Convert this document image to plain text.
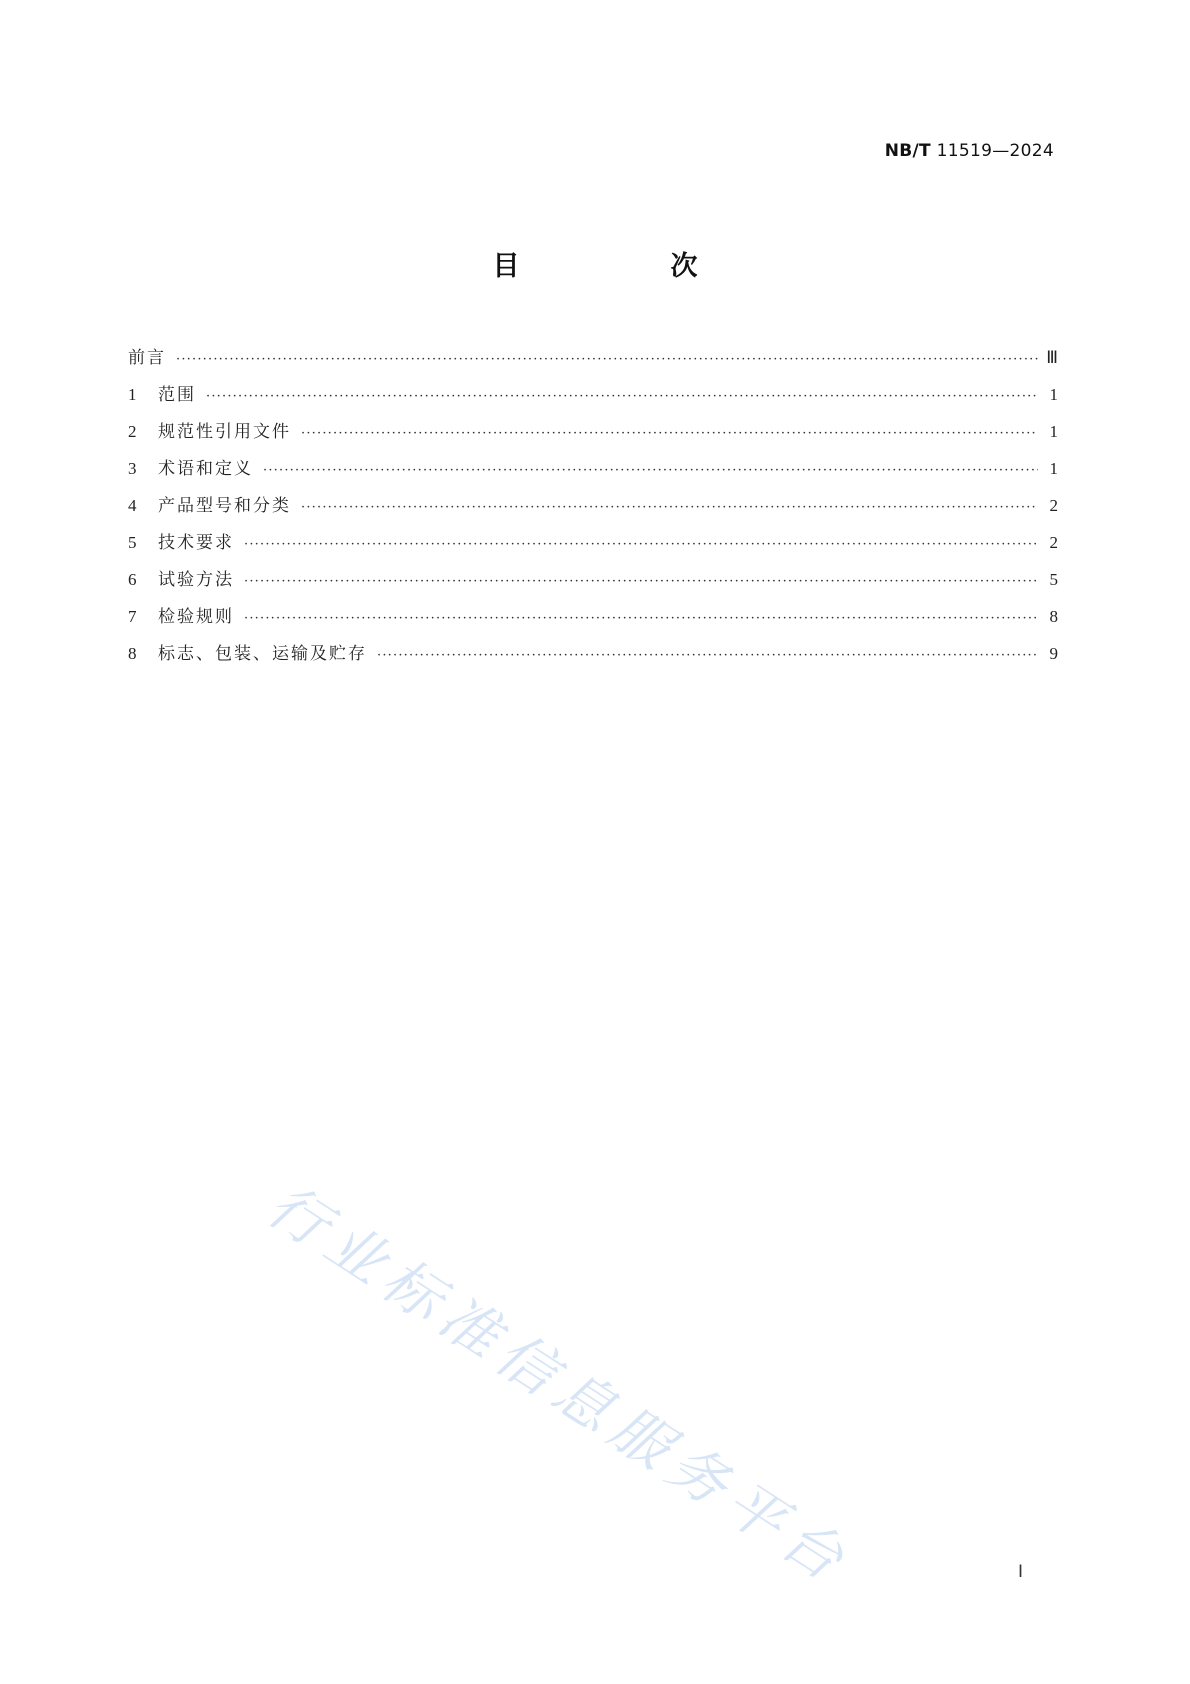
NB/T 11519—2024
目　次
前言 ·····	Ⅲ
1	范围 ·····	1
2	规范性引用文件 ·····	1
3	术语和定义 ·····	1
4	产品型号和分类 ·····	2
5	技术要求 ·····	2
6	试验方法 ·····	5
7	检验规则 ·····	8
8	标志、包装、运输及贮存 ·····	9
行业标准信息服务平台	Ⅰ
